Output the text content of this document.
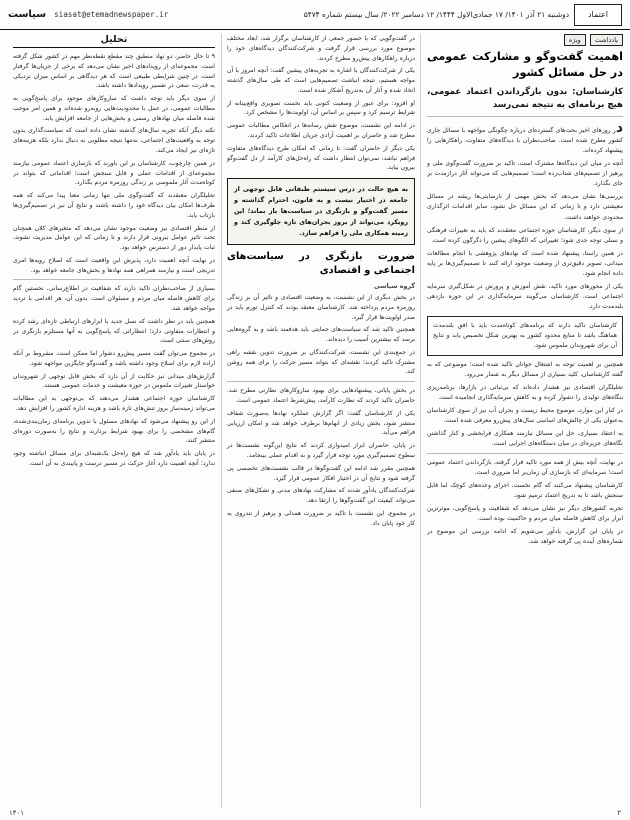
اعتماد
دوشنبه ۲۱ آذر ۱۴۰۱/ ۱۷ جمادی‌الاول ۱۴۴۴/ ۱۲ دسامبر ۲۰۲۲/ سال بیستم شماره ۵۴۷۴
siasat@etemadnewspaper.ir
سیاست
یادداشت
ویژه
اهمیت گفت‌وگو و مشارکت عمومی در حل مسائل کشور
کارشناسان: بدون بازگرداندن اعتماد عمومی، هیچ برنامه‌ای به نتیجه نمی‌رسد

در روزهای اخیر بحث‌های گسترده‌ای درباره چگونگی مواجهه با مسائل جاری کشور مطرح شده است. صاحب‌نظران با دیدگاه‌های متفاوت، راهکارهایی را پیشنهاد کرده‌اند.

آنچه در میان این دیدگاه‌ها مشترک است، تاکید بر ضرورت گفت‌وگوی ملی و پرهیز از تصمیم‌های شتاب‌زده است؛ تصمیم‌هایی که می‌تواند آثار درازمدت بر جای بگذارد.

بررسی‌ها نشان می‌دهد که بخش مهمی از نارضایتی‌ها ریشه در مسائل معیشتی دارد و تا زمانی که این مسائل حل نشود، سایر اقدامات اثرگذاری محدودی خواهند داشت.

از سوی دیگر، کارشناسان حوزه اجتماعی معتقدند که باید به تغییرات فرهنگی و نسلی توجه جدی شود؛ تغییراتی که الگوهای پیشین را دگرگون کرده است.

در همین راستا، پیشنهاد شده است که نهادهای پژوهشی با انجام مطالعات میدانی، تصویر دقیق‌تری از وضعیت موجود ارائه کنند تا تصمیم‌گیری‌ها بر پایه داده انجام شود.

یکی از محورهای مورد تاکید، نقش آموزش و پرورش در شکل‌گیری سرمایه اجتماعی است. کارشناسان می‌گویند سرمایه‌گذاری در این حوزه بازدهی بلندمدت دارد.

کارشناسان تاکید دارند که برنامه‌های کوتاه‌مدت باید با افق بلندمدت هماهنگ باشد تا منابع محدود کشور به بهترین شکل تخصیص یابد و نتایج آن برای شهروندان ملموس شود.

همچنین بر اهمیت توجه به اشتغال جوانان تاکید شده است؛ موضوعی که به گفته کارشناسان، کلید بسیاری از مسائل دیگر به شمار می‌رود.

تحلیلگران اقتصادی نیز هشدار داده‌اند که بی‌ثباتی در بازارها، برنامه‌ریزی بنگاه‌های تولیدی را دشوار کرده و به کاهش سرمایه‌گذاری انجامیده است.

در کنار این موارد، موضوع محیط زیست و بحران آب نیز از سوی کارشناسان به‌عنوان یکی از چالش‌های اساسی سال‌های پیش‌رو معرفی شده است.

به اعتقاد بسیاری، حل این مسائل نیازمند همکاری فرابخشی و کنار گذاشتن نگاه‌های جزیره‌ای در میان دستگاه‌های اجرایی است.

در نهایت، آنچه بیش از همه مورد تاکید قرار گرفته، بازگرداندن اعتماد عمومی است؛ سرمایه‌ای که بازسازی آن زمان‌بر اما ضروری است.

کارشناسان پیشنهاد می‌کنند که گام نخست، اجرای وعده‌های کوچک اما قابل سنجش باشد تا به تدریج اعتماد ترمیم شود.

تجربه کشورهای دیگر نیز نشان می‌دهد که شفافیت و پاسخ‌گویی، موثرترین ابزار برای کاهش فاصله میان مردم و حاکمیت بوده است.

در پایان این گزارش، یادآور می‌شویم که ادامه بررسی این موضوع در شماره‌های آینده پی گرفته خواهد شد.

در گفت‌وگویی که با حضور جمعی از کارشناسان برگزار شد، ابعاد مختلف موضوع مورد بررسی قرار گرفت و شرکت‌کنندگان دیدگاه‌های خود را درباره راهکارهای پیش‌رو مطرح کردند.

یکی از شرکت‌کنندگان با اشاره به تجربه‌های پیشین گفت: آنچه امروز با آن مواجه هستیم، نتیجه انباشت تصمیم‌هایی است که طی سال‌های گذشته اتخاذ شده و آثار آن به‌تدریج آشکار شده است.

او افزود: برای عبور از وضعیت کنونی باید نخست تصویری واقع‌بینانه از شرایط ترسیم کرد و سپس بر اساس آن، اولویت‌ها را مشخص کرد.

در ادامه این نشست، موضوع نقش رسانه‌ها در انعکاس مطالبات عمومی مطرح شد و حاضران بر اهمیت آزادی جریان اطلاعات تاکید کردند.

یکی دیگر از حاضران گفت: تا زمانی که امکان طرح دیدگاه‌های متفاوت فراهم نباشد، نمی‌توان انتظار داشت که راه‌حل‌های کارآمد از دل گفت‌وگو بیرون بیاید.

به هیچ حالت در درس سیستم طبقاتی قابل توجهی از جامعه در اختیار نیست و به قانون، احترام گذاشته و مسیر گفت‌وگو و بازنگری در سیاست‌ها باز بماند؛ این رویکرد می‌تواند از بروز بحران‌های تازه جلوگیری کند و زمینه همکاری ملی را فراهم سازد.
ضرورت بازنگری در سیاست‌های اجتماعی و اقتصادی
گروه سیاسی

در بخش دیگری از این نشست، به وضعیت اقتصادی و تاثیر آن بر زندگی روزمره مردم پرداخته شد. کارشناسان معتقد بودند که کنترل تورم باید در صدر اولویت‌ها قرار گیرد.

همچنین تاکید شد که سیاست‌های حمایتی باید هدفمند باشد و به گروه‌هایی برسد که بیشترین آسیب را دیده‌اند.

در جمع‌بندی این نشست، شرکت‌کنندگان بر ضرورت تدوین نقشه راهی مشترک تاکید کردند؛ نقشه‌ای که بتواند مسیر حرکت را برای همه روشن کند.

در بخش پایانی، پیشنهادهایی برای بهبود سازوکارهای نظارتی مطرح شد. حاضران تاکید کردند که نظارت کارآمد، پیش‌شرط اعتماد عمومی است.

یکی از کارشناسان گفت: اگر گزارش عملکرد نهادها به‌صورت شفاف منتشر شود، بخش زیادی از ابهام‌ها برطرف خواهد شد و امکان ارزیابی فراهم می‌آید.

در پایان، حاضران ابراز امیدواری کردند که نتایج این‌گونه نشست‌ها در سطوح تصمیم‌گیری مورد توجه قرار گیرد و به اقدام عملی بینجامد.

همچنین مقرر شد ادامه این گفت‌وگوها در قالب نشست‌های تخصصی پی گرفته شود و نتایج آن در اختیار افکار عمومی قرار گیرد.

شرکت‌کنندگان یادآور شدند که مشارکت نهادهای مدنی و تشکل‌های صنفی می‌تواند کیفیت این گفت‌وگوها را ارتقا دهد.

در مجموع، این نشست با تاکید بر ضرورت همدلی و پرهیز از تندروی به کار خود پایان داد.

تحلیل

۹ تا حال حاضر، دو نهاد منطبق چند مقطع نقطه‌نظر مهم در کشور شکل گرفته است. مجموعه‌ای از رویدادهای اخیر نشان می‌دهد که برخی از جریان‌ها گرفتار است. در چنین شرایطی طبیعی است که هر دیدگاهی بر اساس میزان نزدیکی به قدرت، سعی در تفسیر رویدادها داشته باشد.

از سوی دیگر باید توجه داشت که سازوکارهای موجود برای پاسخ‌گویی به مطالبات عمومی، در عمل با محدودیت‌هایی روبه‌رو شده‌اند و همین امر موجب شده فاصله میان نهادهای رسمی و بخش‌هایی از جامعه افزایش یابد.

نکته دیگر آنکه تجربه سال‌های گذشته نشان داده است که سیاست‌گذاری بدون توجه به واقعیت‌های اجتماعی، نه‌تنها نتیجه مطلوبی به دنبال ندارد بلکه هزینه‌های تازه‌ای نیز ایجاد می‌کند.

در همین چارچوب، کارشناسان بر این باورند که بازسازی اعتماد عمومی نیازمند مجموعه‌ای از اقدامات عملی و قابل سنجش است؛ اقداماتی که بتواند در کوتاه‌مدت آثار ملموسی بر زندگی روزمره مردم بگذارد.

تحلیلگران معتقدند که گفت‌وگوی ملی تنها زمانی معنا پیدا می‌کند که همه طرف‌ها امکان بیان دیدگاه خود را داشته باشند و نتایج آن نیز در تصمیم‌گیری‌ها بازتاب یابد.

از منظر اقتصادی نیز وضعیت موجود نشان می‌دهد که متغیرهای کلان همچنان تحت تاثیر عوامل بیرونی قرار دارند و تا زمانی که این عوامل مدیریت نشوند، ثبات پایدار دور از دسترس خواهد بود.

در نهایت آنچه اهمیت دارد، پذیرش این واقعیت است که اصلاح رویه‌ها امری تدریجی است و نیازمند همراهی همه نهادها و بخش‌های جامعه خواهد بود.

بسیاری از صاحب‌نظران تاکید دارند که شفافیت در اطلاع‌رسانی، نخستین گام برای کاهش فاصله میان مردم و مسئولان است. بدون آن، هر اقدامی با تردید مواجه خواهد شد.

همچنین باید در نظر داشت که نسل جدید با ابزارهای ارتباطی تازه‌ای رشد کرده و انتظارات متفاوتی دارد؛ انتظاراتی که پاسخ‌گویی به آنها مستلزم بازنگری در روش‌های سنتی است.

در مجموع می‌توان گفت مسیر پیش‌رو دشوار اما ممکن است، مشروط بر آنکه اراده لازم برای اصلاح وجود داشته باشد و گفت‌وگو جایگزین مواجهه شود.

گزارش‌های میدانی نیز حکایت از آن دارد که بخش قابل توجهی از شهروندان خواستار تغییرات ملموس در حوزه معیشت و خدمات عمومی هستند.

کارشناسان حوزه اجتماعی هشدار می‌دهند که بی‌توجهی به این مطالبات می‌تواند زمینه‌ساز بروز تنش‌های تازه باشد و هزینه اداره کشور را افزایش دهد.

از این رو پیشنهاد می‌شود که نهادهای مسئول با تدوین برنامه‌ای زمان‌بندی‌شده، گام‌های مشخصی را برای بهبود شرایط بردارند و نتایج را به‌صورت دوره‌ای منتشر کنند.

در پایان باید یادآور شد که هیچ راه‌حل یک‌شبه‌ای برای مسائل انباشته وجود ندارد؛ آنچه اهمیت دارد آغاز حرکت در مسیر درست و پایبندی به آن است.

۲
۱۴۰۱
